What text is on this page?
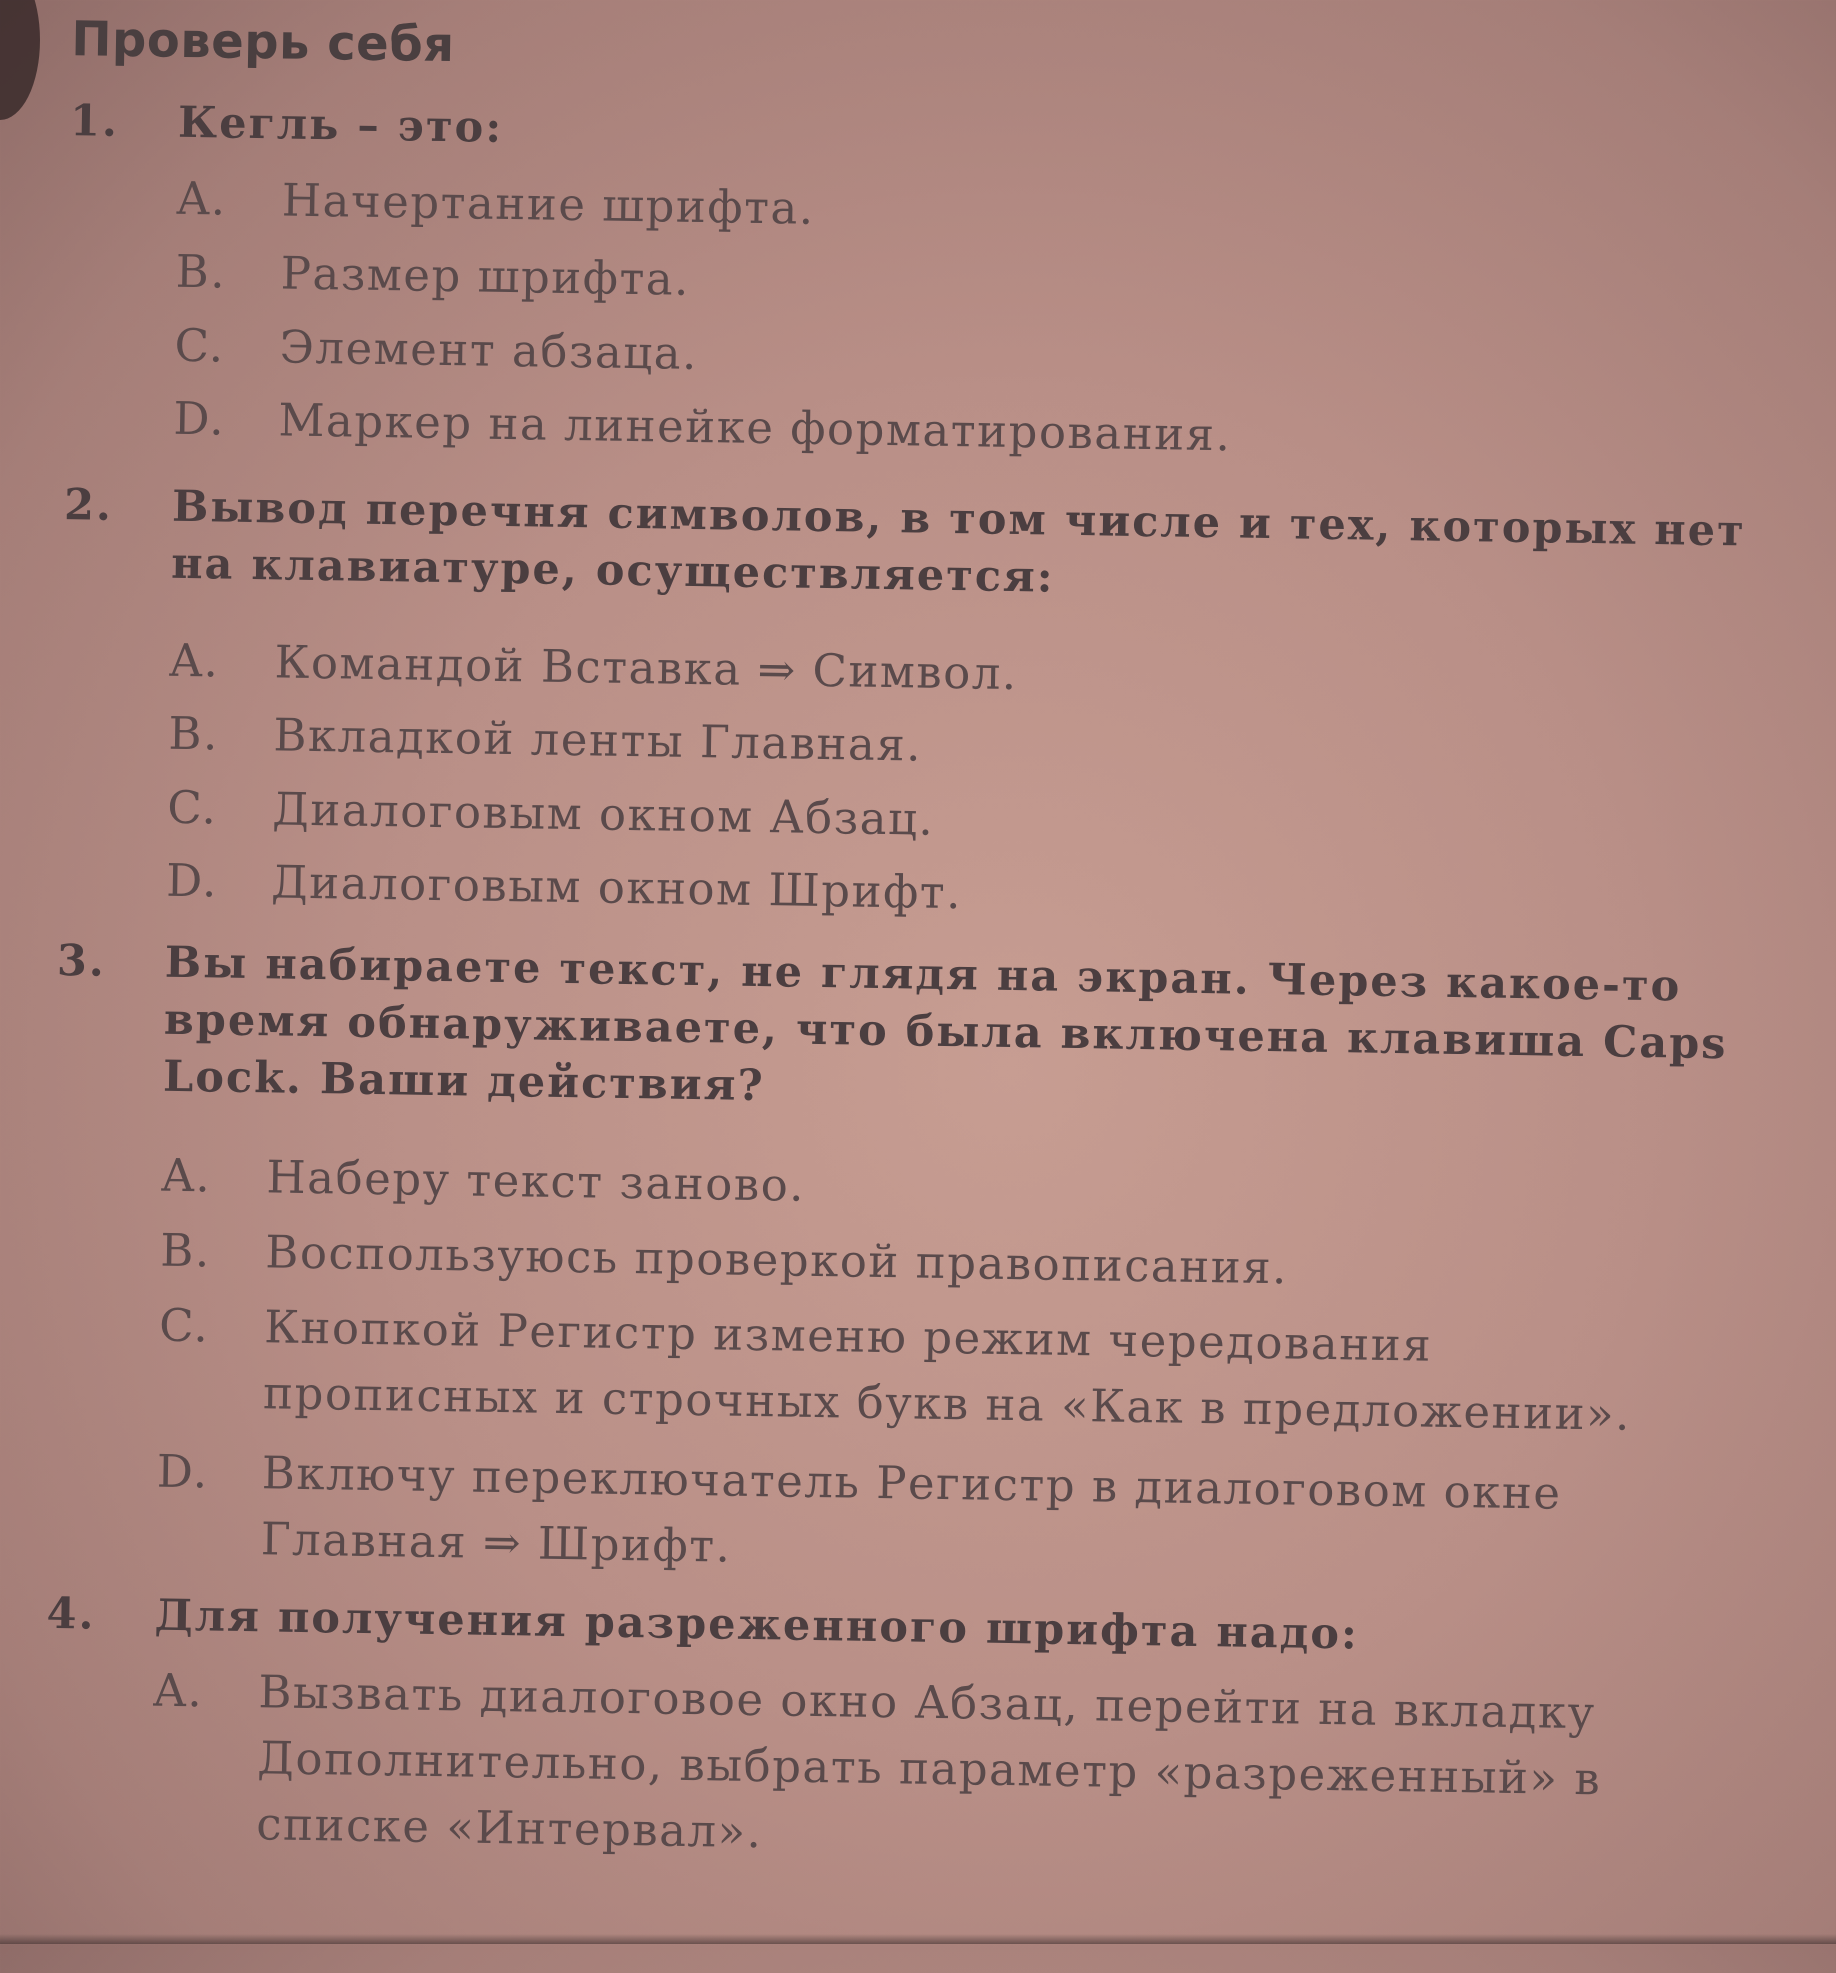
Проверь себя
1.	Кегль – это:
A.	Начертание шрифта.
B.	Размер шрифта.
C.	Элемент абзаца.
D.	Маркер на линейке форматирования.
2.	Вывод перечня символов, в том числе и тех, которых нет на клавиатуре, осуществляется:
A.	Командой Вставка ⇒ Символ.
B.	Вкладкой ленты Главная.
C.	Диалоговым окном Абзац.
D.	Диалоговым окном Шрифт.
3.	Вы набираете текст, не глядя на экран. Через какое-то время обнаруживаете, что была включена клавиша Caps Lock. Ваши действия?
A.	Наберу текст заново.
B.	Воспользуюсь проверкой правописания.
C.	Кнопкой Регистр изменю режим чередования прописных и строчных букв на «Как в предложении».
D.	Включу переключатель Регистр в диалоговом окне Главная ⇒ Шрифт.
4.	Для получения разреженного шрифта надо:
A.	Вызвать диалоговое окно Абзац, перейти на вкладку Дополнительно, выбрать параметр «разреженный» в списке «Интервал».
